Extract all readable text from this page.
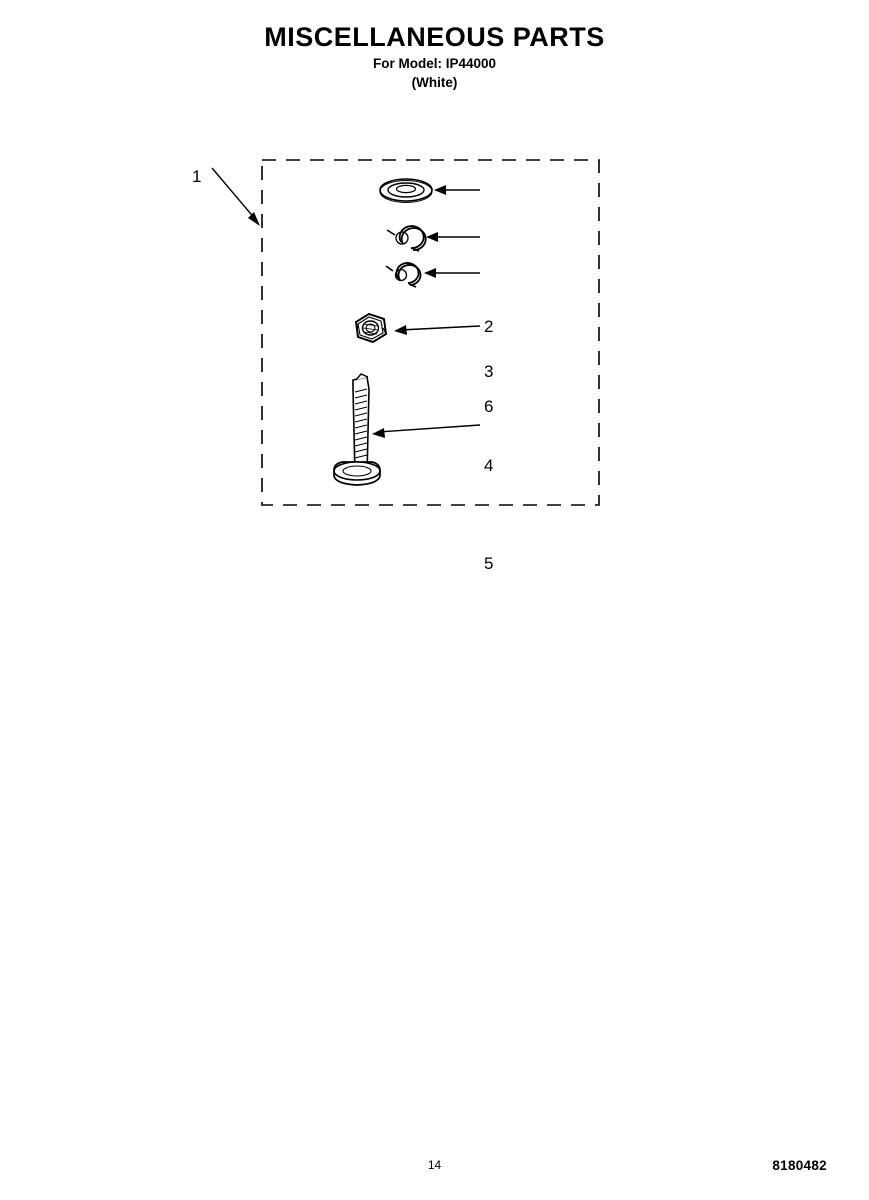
MISCELLANEOUS PARTS
For Model: IP44000
(White)
1
2
3
6
4
5
14	8180482
